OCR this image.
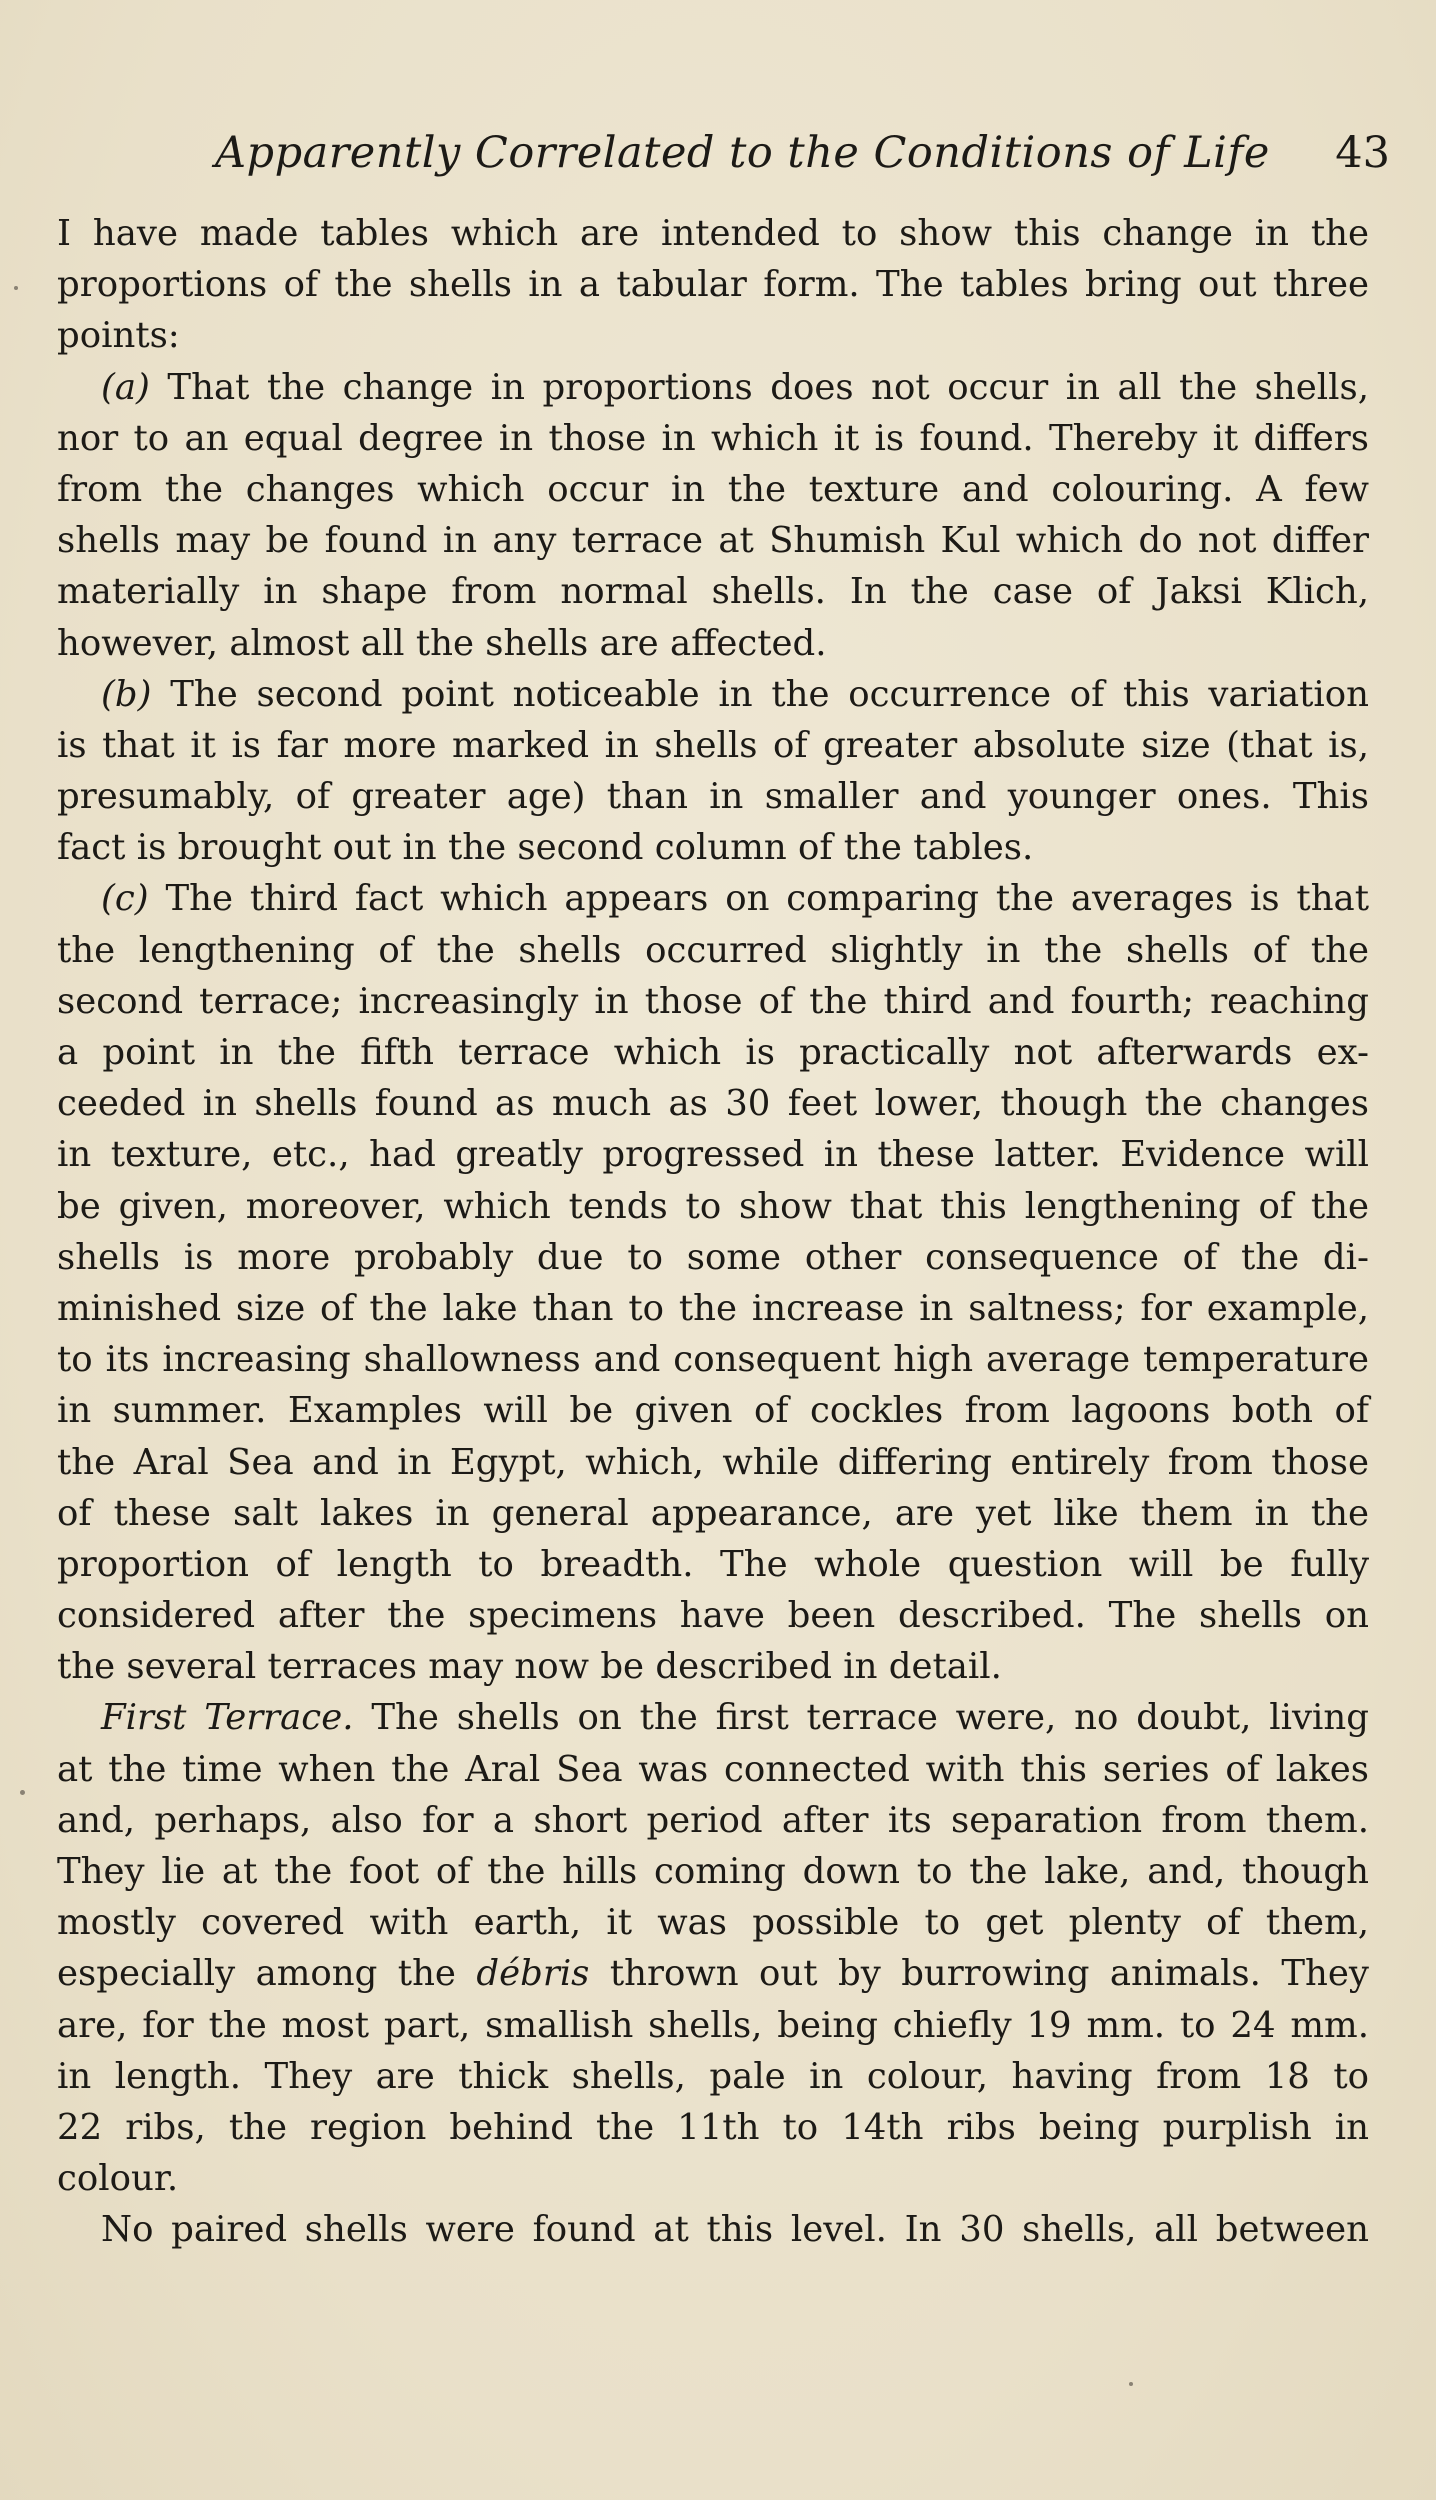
Apparently Correlated to the Conditions of Life 43
I have made tables which are intended to show this change in the
proportions of the shells in a tabular form. The tables bring out three
points:
(a) That the change in proportions does not occur in all the shells,
nor to an equal degree in those in which it is found. Thereby it differs
from the changes which occur in the texture and colouring. A few
shells may be found in any terrace at Shumish Kul which do not differ
materially in shape from normal shells. In the case of Jaksi Klich,
however, almost all the shells are affected.
(b) The second point noticeable in the occurrence of this variation
is that it is far more marked in shells of greater absolute size (that is,
presumably, of greater age) than in smaller and younger ones. This
fact is brought out in the second column of the tables.
(c) The third fact which appears on comparing the averages is that
the lengthening of the shells occurred slightly in the shells of the
second terrace; increasingly in those of the third and fourth; reaching
a point in the fifth terrace which is practically not afterwards ex-
ceeded in shells found as much as 30 feet lower, though the changes
in texture, etc., had greatly progressed in these latter. Evidence will
be given, moreover, which tends to show that this lengthening of the
shells is more probably due to some other consequence of the di-
minished size of the lake than to the increase in saltness; for example,
to its increasing shallowness and consequent high average temperature
in summer. Examples will be given of cockles from lagoons both of
the Aral Sea and in Egypt, which, while differing entirely from those
of these salt lakes in general appearance, are yet like them in the
proportion of length to breadth. The whole question will be fully
considered after the specimens have been described. The shells on
the several terraces may now be described in detail.
First Terrace. The shells on the first terrace were, no doubt, living
at the time when the Aral Sea was connected with this series of lakes
and, perhaps, also for a short period after its separation from them.
They lie at the foot of the hills coming down to the lake, and, though
mostly covered with earth, it was possible to get plenty of them,
especially among the débris thrown out by burrowing animals. They
are, for the most part, smallish shells, being chiefly 19 mm. to 24 mm.
in length. They are thick shells, pale in colour, having from 18 to
22 ribs, the region behind the 11th to 14th ribs being purplish in
colour.
No paired shells were found at this level. In 30 shells, all between
